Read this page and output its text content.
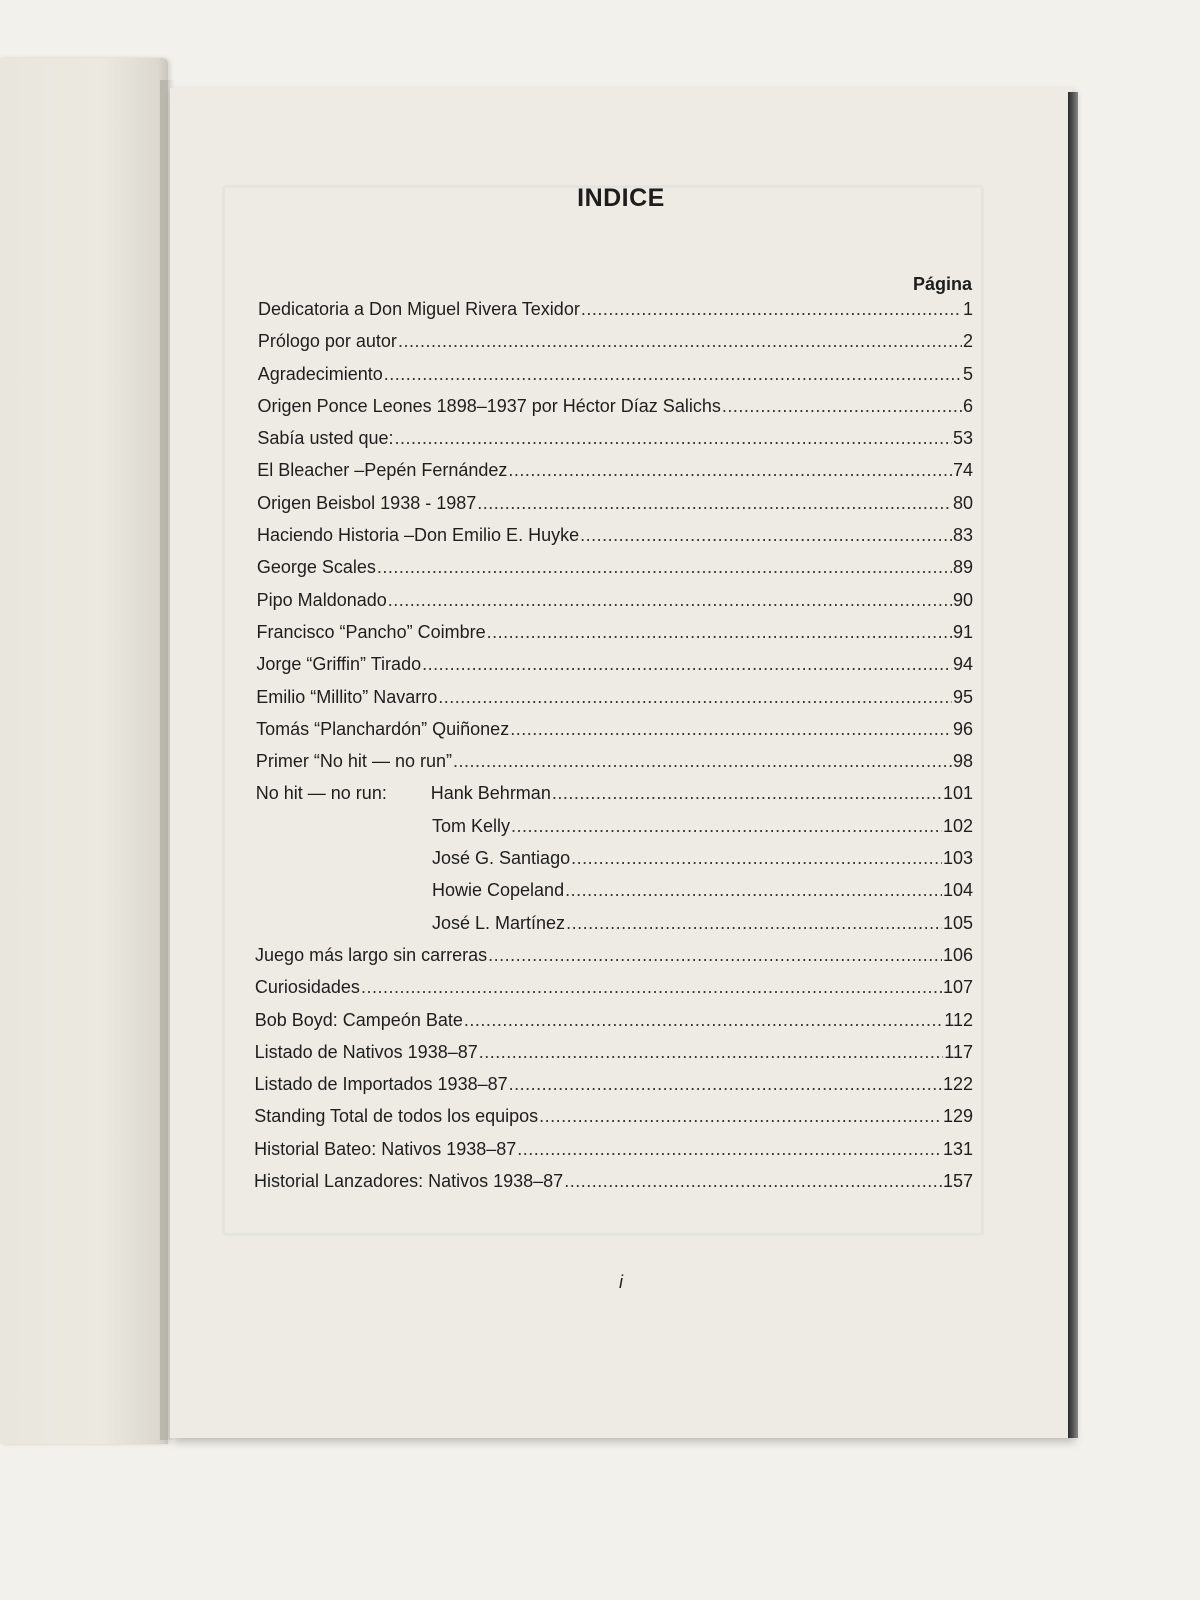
INDICE
Página
Dedicatoria a Don Miguel Rivera Texidor .....	1
Prólogo por autor .....	2
Agradecimiento .....	5
Origen Ponce Leones 1898–1937 por Héctor Díaz Salichs .....	6
Sabía usted que: .....	53
El Bleacher –Pepén Fernández .....	74
Origen Beisbol 1938 - 1987 .....	80
Haciendo Historia –Don Emilio E. Huyke .....	83
George Scales .....	89
Pipo Maldonado .....	90
Francisco “Pancho” Coimbre .....	91
Jorge “Griffin” Tirado .....	94
Emilio “Millito” Navarro .....	95
Tomás “Planchardón” Quiñonez .....	96
Primer “No hit — no run” .....	98
No hit — no run:	Hank Behrman .....	101
Tom Kelly .....	102
José G. Santiago .....	103
Howie Copeland .....	104
José L. Martínez .....	105
Juego más largo sin carreras .....	106
Curiosidades .....	107
Bob Boyd: Campeón Bate .....	112
Listado de Nativos 1938–87 .....	117
Listado de Importados 1938–87 .....	122
Standing Total de todos los equipos .....	129
Historial Bateo: Nativos 1938–87 .....	131
Historial Lanzadores: Nativos 1938–87 .....	157
i
